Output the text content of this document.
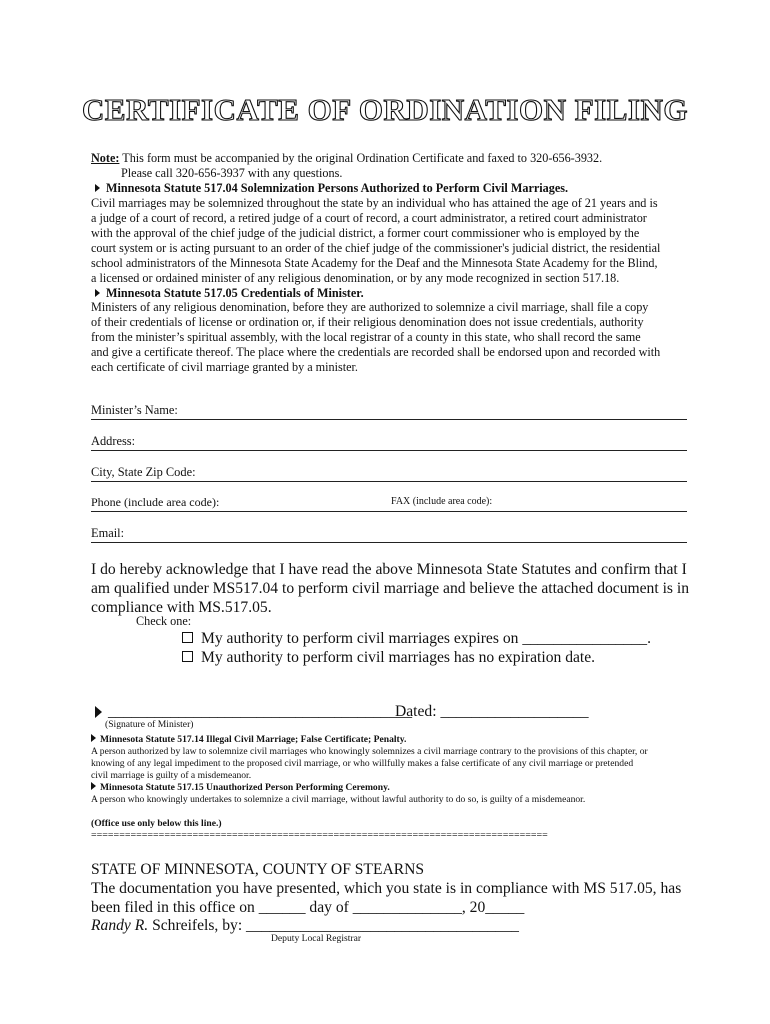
CERTIFICATE OF ORDINATION FILING
Note: This form must be accompanied by the original Ordination Certificate and faxed to 320-656-3932.
Please call 320-656-3937 with any questions.
Minnesota Statute 517.04 Solemnization Persons Authorized to Perform Civil Marriages.
Civil marriages may be solemnized throughout the state by an individual who has attained the age of 21 years and is
a judge of a court of record, a retired judge of a court of record, a court administrator, a retired court administrator
with the approval of the chief judge of the judicial district, a former court commissioner who is employed by the
court system or is acting pursuant to an order of the chief judge of the commissioner's judicial district, the residential
school administrators of the Minnesota State Academy for the Deaf and the Minnesota State Academy for the Blind,
a licensed or ordained minister of any religious denomination, or by any mode recognized in section 517.18.
Minnesota Statute 517.05 Credentials of Minister.
Ministers of any religious denomination, before they are authorized to solemnize a civil marriage, shall file a copy
of their credentials of license or ordination or, if their religious denomination does not issue credentials, authority
from the minister’s spiritual assembly, with the local registrar of a county in this state, who shall record the same
and give a certificate thereof. The place where the credentials are recorded shall be endorsed upon and recorded with
each certificate of civil marriage granted by a minister.
Minister’s Name:
Address:
City, State Zip Code:
Phone (include area code):	FAX (include area code):
Email:
I do hereby acknowledge that I have read the above Minnesota State Statutes and confirm that I
am qualified under MS517.04 to perform civil marriage and believe the attached document is in
compliance with MS.517.05.
Check one:
My authority to perform civil marriages expires on ________________.
My authority to perform civil marriages has no expiration date.
_______________________________________
Dated: ___________________
(Signature of Minister)
Minnesota Statute 517.14 Illegal Civil Marriage; False Certificate; Penalty.
A person authorized by law to solemnize civil marriages who knowingly solemnizes a civil marriage contrary to the provisions of this chapter, or
knowing of any legal impediment to the proposed civil marriage, or who willfully makes a false certificate of any civil marriage or pretended
civil marriage is guilty of a misdemeanor.
Minnesota Statute 517.15 Unauthorized Person Performing Ceremony.
A person who knowingly undertakes to solemnize a civil marriage, without lawful authority to do so, is guilty of a misdemeanor.
(Office use only below this line.)
=================================================================================
STATE OF MINNESOTA, COUNTY OF STEARNS
The documentation you have presented, which you state is in compliance with MS 517.05, has
been filed in this office on ______ day of ______________, 20_____
Randy R. Schreifels, by: ___________________________________
Deputy Local Registrar
